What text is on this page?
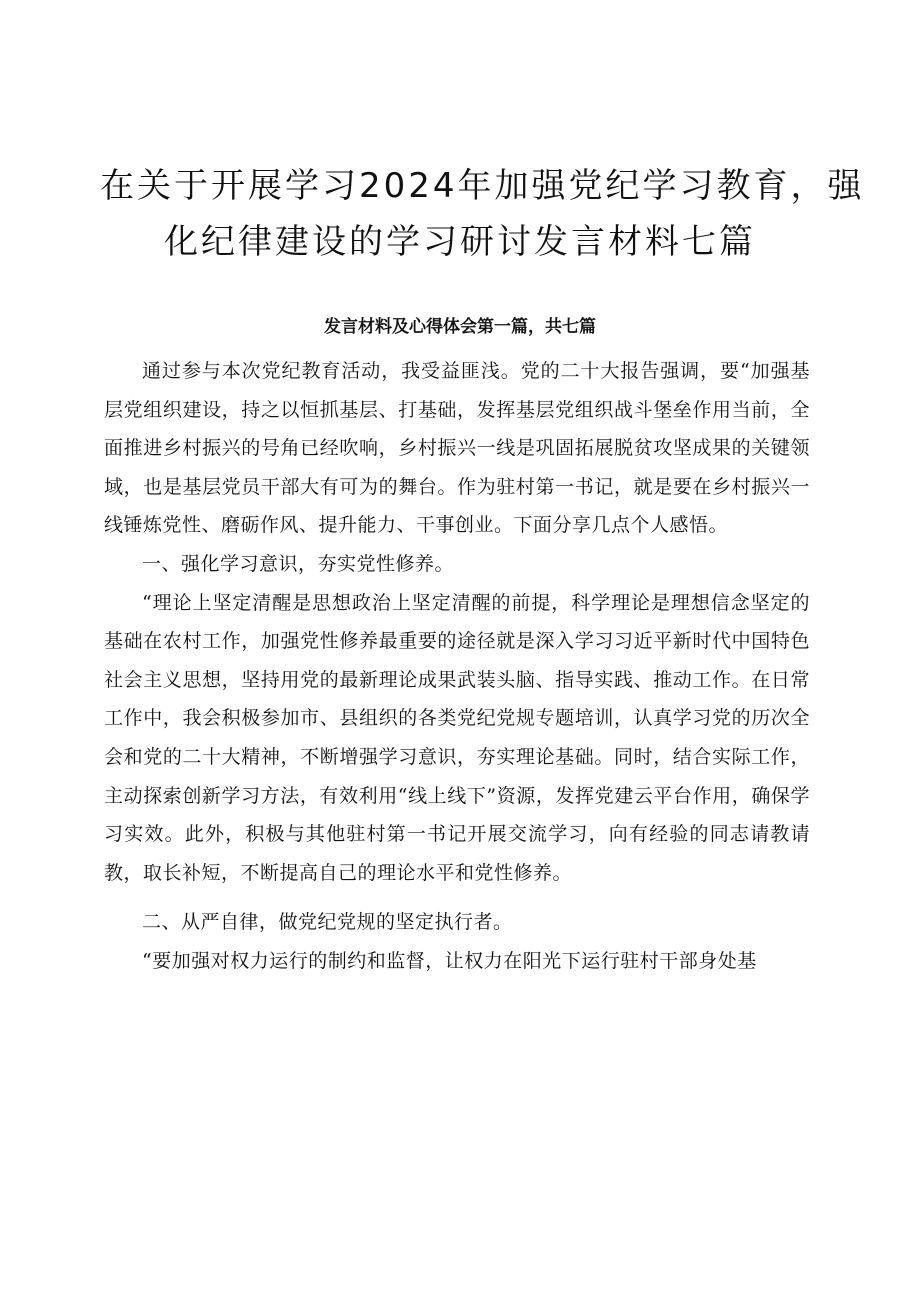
在关于开展学习2024年加强党纪学习教育，强
化纪律建设的学习研讨发言材料七篇
发言材料及心得体会第一篇，共七篇

通过参与本次党纪教育活动，我受益匪浅。党的二十大报告强调，要“加强基层党组织建设，持之以恒抓基层、打基础，发挥基层党组织战斗堡垒作用当前，全面推进乡村振兴的号角已经吹响，乡村振兴一线是巩固拓展脱贫攻坚成果的关键领域，也是基层党员干部大有可为的舞台。作为驻村第一书记，就是要在乡村振兴一线锤炼党性、磨砺作风、提升能力、干事创业。下面分享几点个人感悟。

一、强化学习意识，夯实党性修养。

“理论上坚定清醒是思想政治上坚定清醒的前提，科学理论是理想信念坚定的基础在农村工作，加强党性修养最重要的途径就是深入学习习近平新时代中国特色社会主义思想，坚持用党的最新理论成果武装头脑、指导实践、推动工作。在日常工作中，我会积极参加市、县组织的各类党纪党规专题培训，认真学习党的历次全会和党的二十大精神，不断增强学习意识，夯实理论基础。同时，结合实际工作，主动探索创新学习方法，有效利用“线上线下”资源，发挥党建云平台作用，确保学习实效。此外，积极与其他驻村第一书记开展交流学习，向有经验的同志请教请教，取长补短，不断提高自己的理论水平和党性修养。

二、从严自律，做党纪党规的坚定执行者。

“要加强对权力运行的制约和监督，让权力在阳光下运行驻村干部身处基
